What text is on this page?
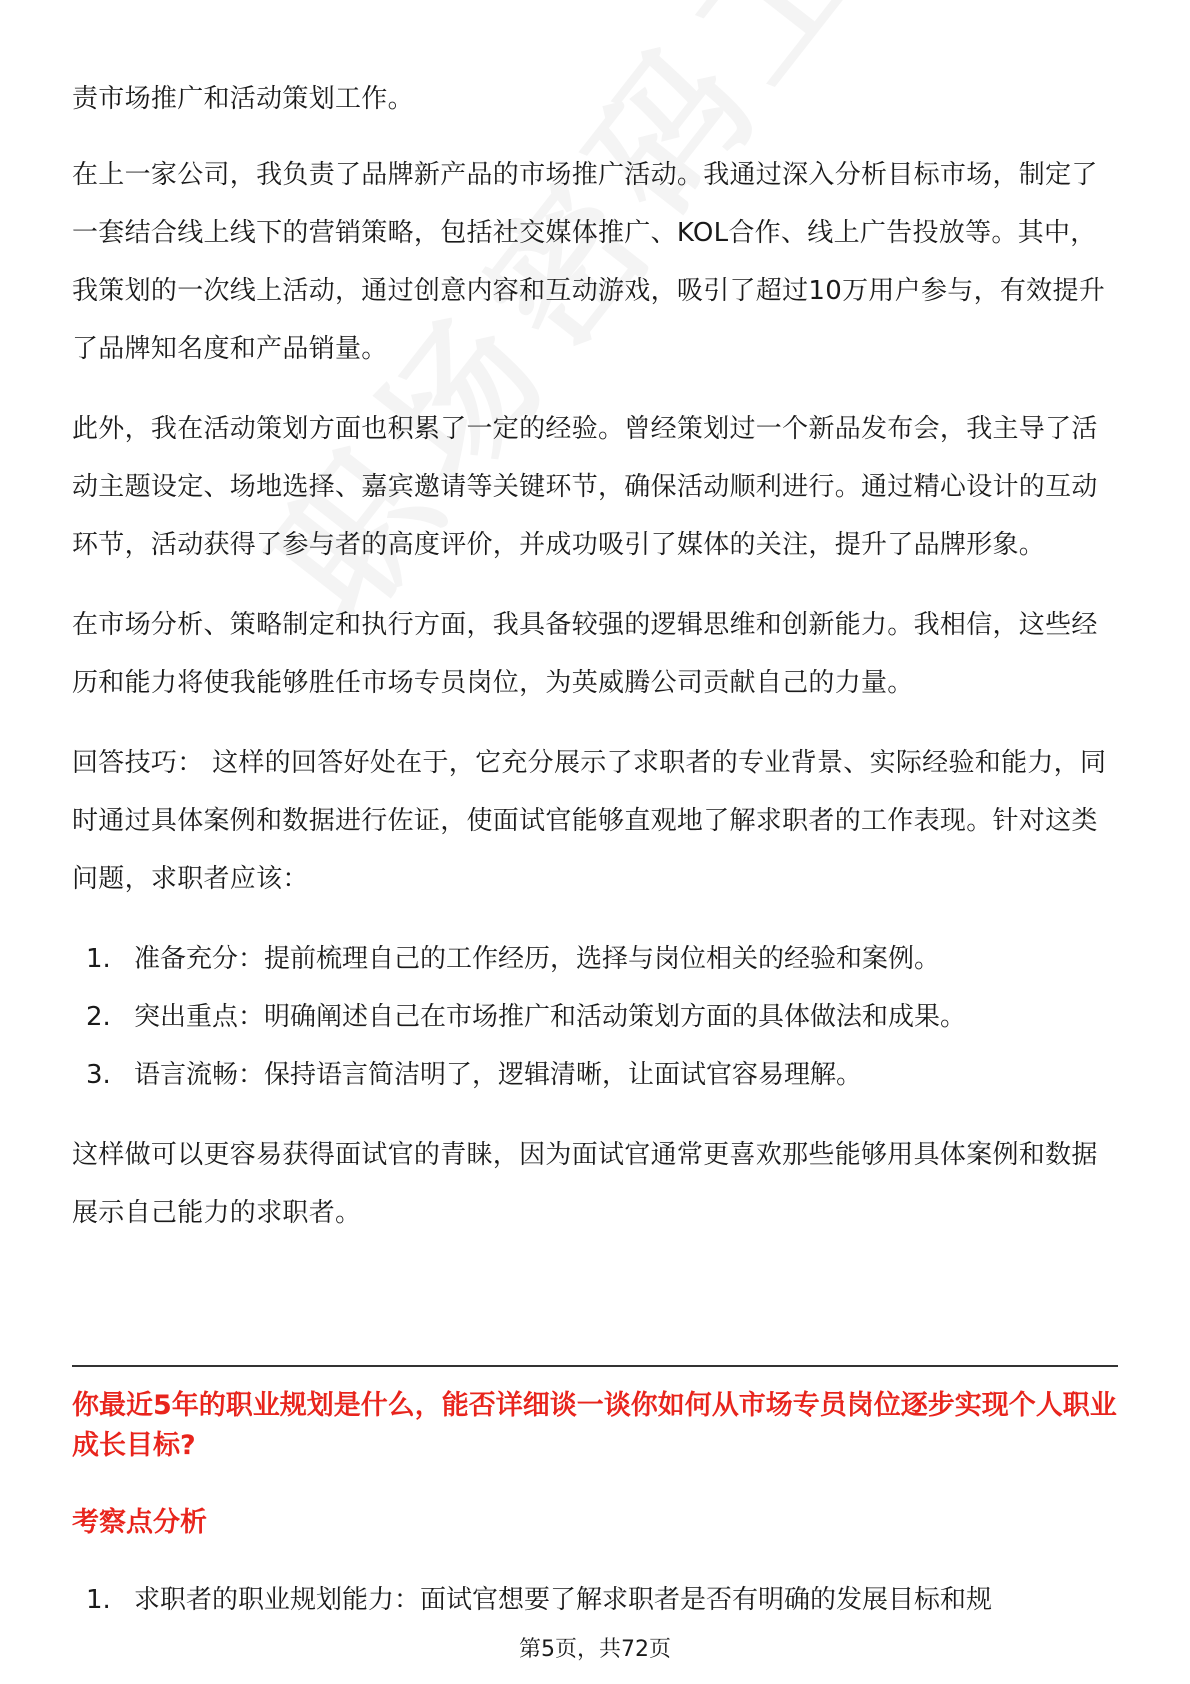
责市场推广和活动策划工作。

在上一家公司，我负责了品牌新产品的市场推广活动。我通过深入分析目标市场，制定了一套结合线上线下的营销策略，包括社交媒体推广、KOL合作、线上广告投放等。其中，我策划的一次线上活动，通过创意内容和互动游戏，吸引了超过10万用户参与，有效提升了品牌知名度和产品销量。

此外，我在活动策划方面也积累了一定的经验。曾经策划过一个新品发布会，我主导了活动主题设定、场地选择、嘉宾邀请等关键环节，确保活动顺利进行。通过精心设计的互动环节，活动获得了参与者的高度评价，并成功吸引了媒体的关注，提升了品牌形象。

在市场分析、策略制定和执行方面，我具备较强的逻辑思维和创新能力。我相信，这些经历和能力将使我能够胜任市场专员岗位，为英威腾公司贡献自己的力量。

回答技巧： 这样的回答好处在于，它充分展示了求职者的专业背景、实际经验和能力，同时通过具体案例和数据进行佐证，使面试官能够直观地了解求职者的工作表现。针对这类问题，求职者应该：

1. 准备充分：提前梳理自己的工作经历，选择与岗位相关的经验和案例。
2. 突出重点：明确阐述自己在市场推广和活动策划方面的具体做法和成果。
3. 语言流畅：保持语言简洁明了，逻辑清晰，让面试官容易理解。

这样做可以更容易获得面试官的青睐，因为面试官通常更喜欢那些能够用具体案例和数据展示自己能力的求职者。

你最近5年的职业规划是什么，能否详细谈一谈你如何从市场专员岗位逐步实现个人职业成长目标?
考察点分析
1. 求职者的职业规划能力：面试官想要了解求职者是否有明确的发展目标和规
第5页，共72页
